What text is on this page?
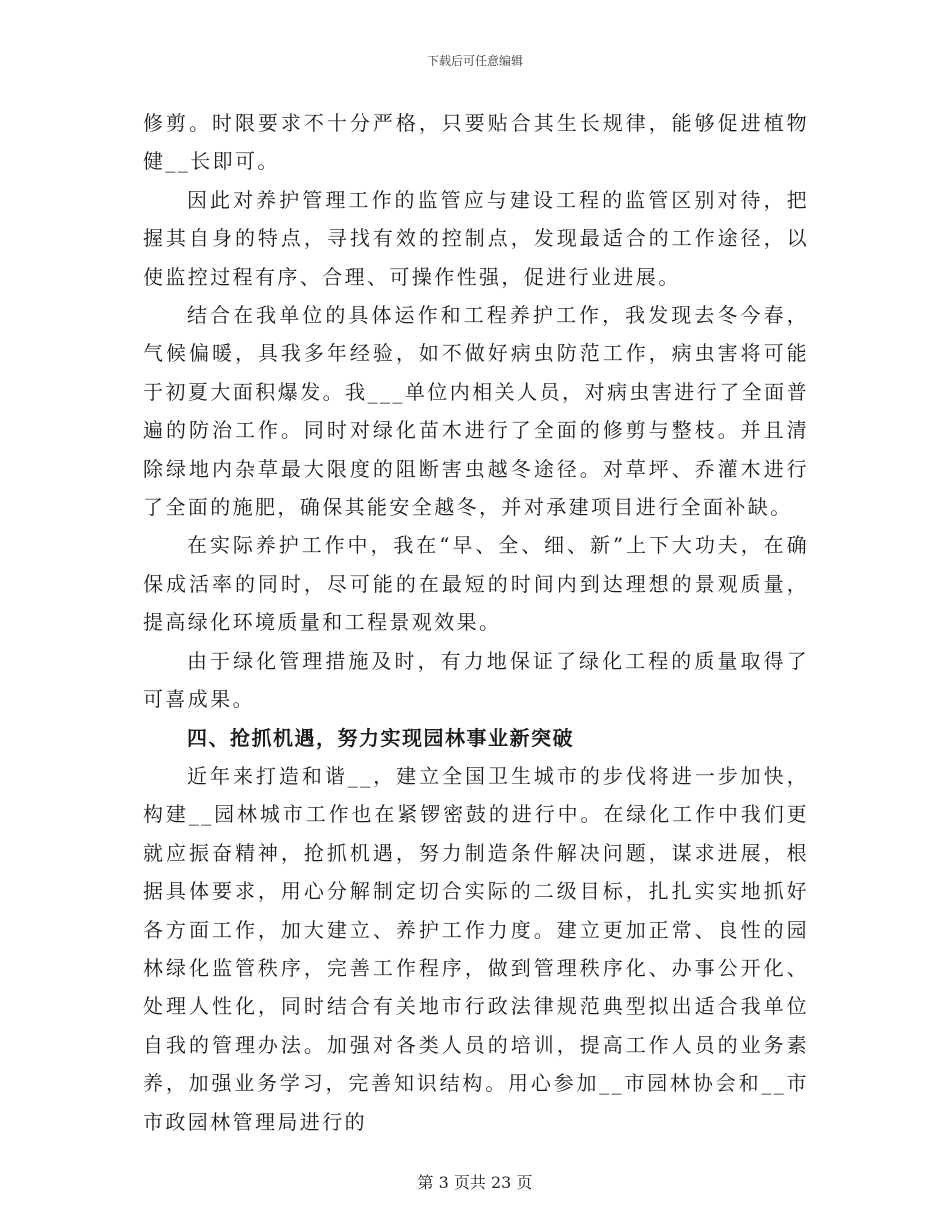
下载后可任意编辑

修剪。时限要求不十分严格，只要贴合其生长规律，能够促进植物健__长即可。

因此对养护管理工作的监管应与建设工程的监管区别对待，把握其自身的特点，寻找有效的控制点，发现最适合的工作途径，以使监控过程有序、合理、可操作性强，促进行业进展。

结合在我单位的具体运作和工程养护工作，我发现去冬今春，气候偏暖，具我多年经验，如不做好病虫防范工作，病虫害将可能于初夏大面积爆发。我___单位内相关人员，对病虫害进行了全面普遍的防治工作。同时对绿化苗木进行了全面的修剪与整枝。并且清除绿地内杂草最大限度的阻断害虫越冬途径。对草坪、乔灌木进行了全面的施肥，确保其能安全越冬，并对承建项目进行全面补缺。

在实际养护工作中，我在“早、全、细、新”上下大功夫，在确保成活率的同时，尽可能的在最短的时间内到达理想的景观质量，提高绿化环境质量和工程景观效果。

由于绿化管理措施及时，有力地保证了绿化工程的质量取得了可喜成果。

四、抢抓机遇，努力实现园林事业新突破

近年来打造和谐__，建立全国卫生城市的步伐将进一步加快，构建__园林城市工作也在紧锣密鼓的进行中。在绿化工作中我们更就应振奋精神，抢抓机遇，努力制造条件解决问题，谋求进展，根据具体要求，用心分解制定切合实际的二级目标，扎扎实实地抓好各方面工作，加大建立、养护工作力度。建立更加正常、良性的园林绿化监管秩序，完善工作程序，做到管理秩序化、办事公开化、处理人性化，同时结合有关地市行政法律规范典型拟出适合我单位自我的管理办法。加强对各类人员的培训，提高工作人员的业务素养，加强业务学习，完善知识结构。用心参加__市园林协会和__市市政园林管理局进行的

第 3 页共 23 页
